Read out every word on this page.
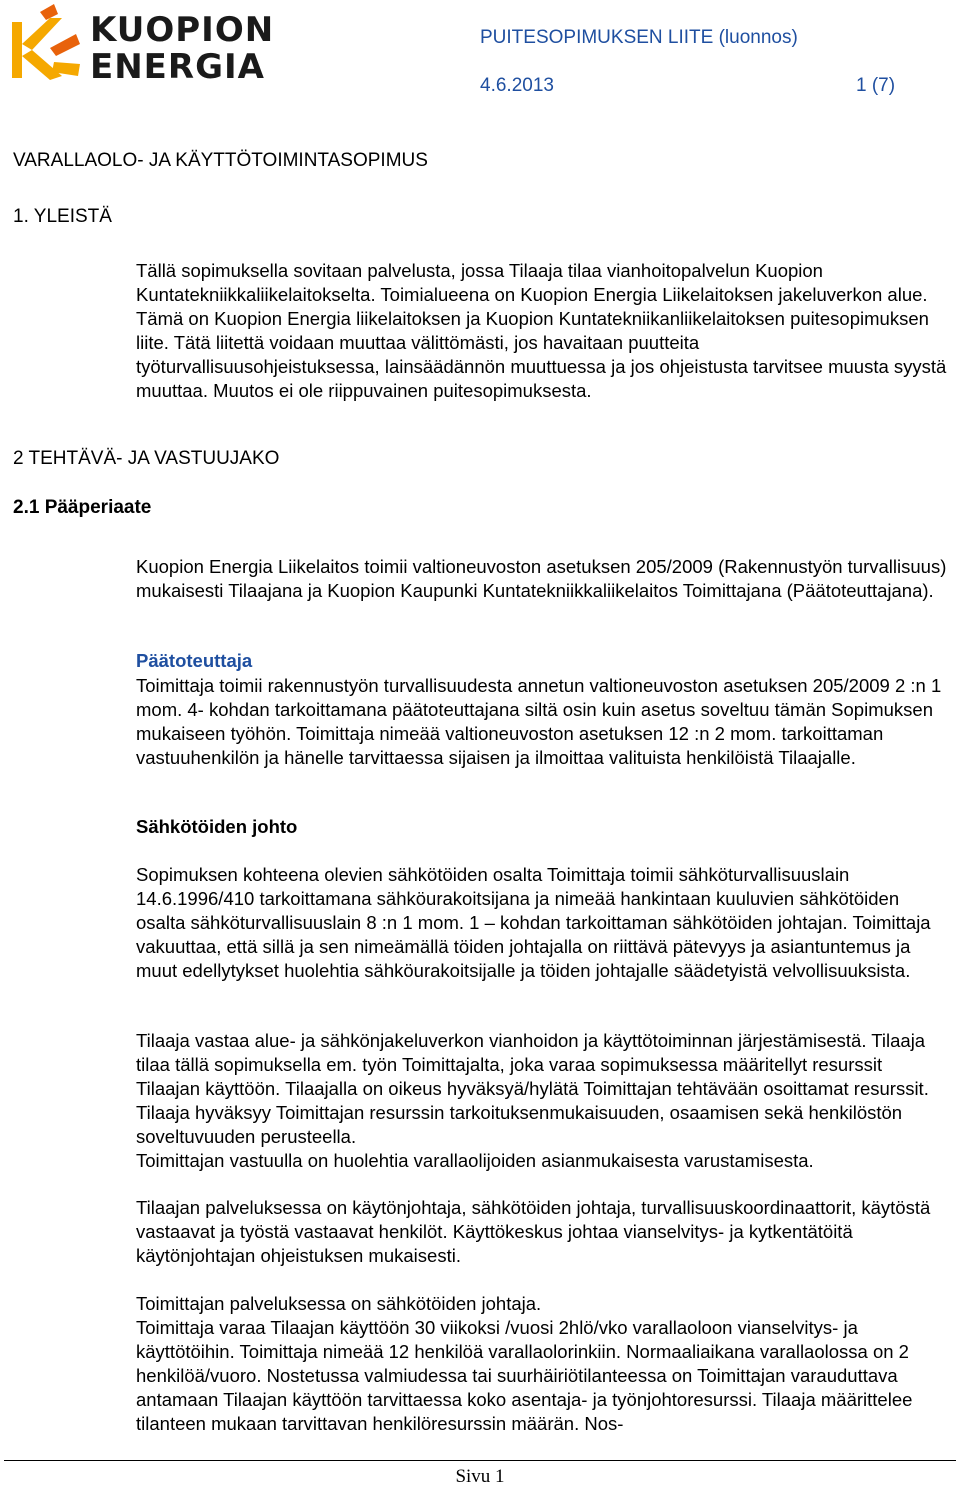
KUOPION
ENERGIA
PUITESOPIMUKSEN LIITE (luonnos)
4.6.2013	1 (7)
VARALLAOLO- JA KÄYTTÖTOIMINTASOPIMUS
1. YLEISTÄ

Tällä sopimuksella sovitaan palvelusta, jossa Tilaaja tilaa vianhoitopalvelun Kuopion Kuntatekniikkaliikelaitokselta. Toimialueena on Kuopion Energia Liikelaitoksen jakeluverkon alue. Tämä on Kuopion Energia liikelaitoksen ja Kuopion Kuntatekniikanliikelaitoksen puitesopimuksen liite. Tätä liitettä voidaan muuttaa välittömästi, jos havaitaan puutteita työturvallisuusohjeistuksessa, lainsäädännön muuttuessa ja jos ohjeistusta tarvitsee muusta syystä muuttaa. Muutos ei ole riippuvainen puitesopimuksesta.

2 TEHTÄVÄ- JA VASTUUJAKO
2.1 Pääperiaate

Kuopion Energia Liikelaitos toimii valtioneuvoston asetuksen 205/2009 (Rakennustyön turvallisuus) mukaisesti Tilaajana ja Kuopion Kaupunki Kuntatekniikkaliikelaitos Toimittajana (Päätoteuttajana).

Päätoteuttaja

Toimittaja toimii rakennustyön turvallisuudesta annetun valtioneuvoston asetuksen 205/2009 2 :n 1 mom. 4- kohdan tarkoittamana päätoteuttajana siltä osin kuin asetus soveltuu tämän Sopimuksen mukaiseen työhön. Toimittaja nimeää valtioneuvoston asetuksen 12 :n 2 mom. tarkoittaman vastuuhenkilön ja hänelle tarvittaessa sijaisen ja ilmoittaa valituista henkilöistä Tilaajalle.

Sähkötöiden johto

Sopimuksen kohteena olevien sähkötöiden osalta Toimittaja toimii sähköturvallisuuslain 14.6.1996/410 tarkoittamana sähköurakoitsijana ja nimeää hankintaan kuuluvien sähkötöiden osalta sähköturvallisuuslain 8 :n 1 mom. 1 – kohdan tarkoittaman sähkötöiden johtajan. Toimittaja vakuuttaa, että sillä ja sen nimeämällä töiden johtajalla on riittävä pätevyys ja asiantuntemus ja muut edellytykset huolehtia sähköurakoitsijalle ja töiden johtajalle säädetyistä velvollisuuksista.

Tilaaja vastaa alue- ja sähkönjakeluverkon vianhoidon ja käyttötoiminnan järjestämisestä. Tilaaja tilaa tällä sopimuksella em. työn Toimittajalta, joka varaa sopimuksessa määritellyt resurssit Tilaajan käyttöön. Tilaajalla on oikeus hyväksyä/hylätä Toimittajan tehtävään osoittamat resurssit. Tilaaja hyväksyy Toimittajan resurssin tarkoituksenmukaisuuden, osaamisen sekä henkilöstön soveltuvuuden perusteella.

Toimittajan vastuulla on huolehtia varallaolijoiden asianmukaisesta varustamisesta.

Tilaajan palveluksessa on käytönjohtaja, sähkötöiden johtaja, turvallisuuskoordinaattorit, käytöstä vastaavat ja työstä vastaavat henkilöt. Käyttökeskus johtaa vianselvitys- ja kytkentätöitä käytönjohtajan ohjeistuksen mukaisesti.

Toimittajan palveluksessa on sähkötöiden johtaja.

Toimittaja varaa Tilaajan käyttöön 30 viikoksi /vuosi 2hlö/vko varallaoloon vianselvitys- ja käyttötöihin. Toimittaja nimeää 12 henkilöä varallaolorinkiin. Normaaliaikana varallaolossa on 2 henkilöä/vuoro. Nostetussa valmiudessa tai suurhäiriötilanteessa on Toimittajan varauduttava antamaan Tilaajan käyttöön tarvittaessa koko asentaja- ja työnjohtoresurssi. Tilaaja määrittelee tilanteen mukaan tarvittavan henkilöresurssin määrän. Nos-

Sivu 1
